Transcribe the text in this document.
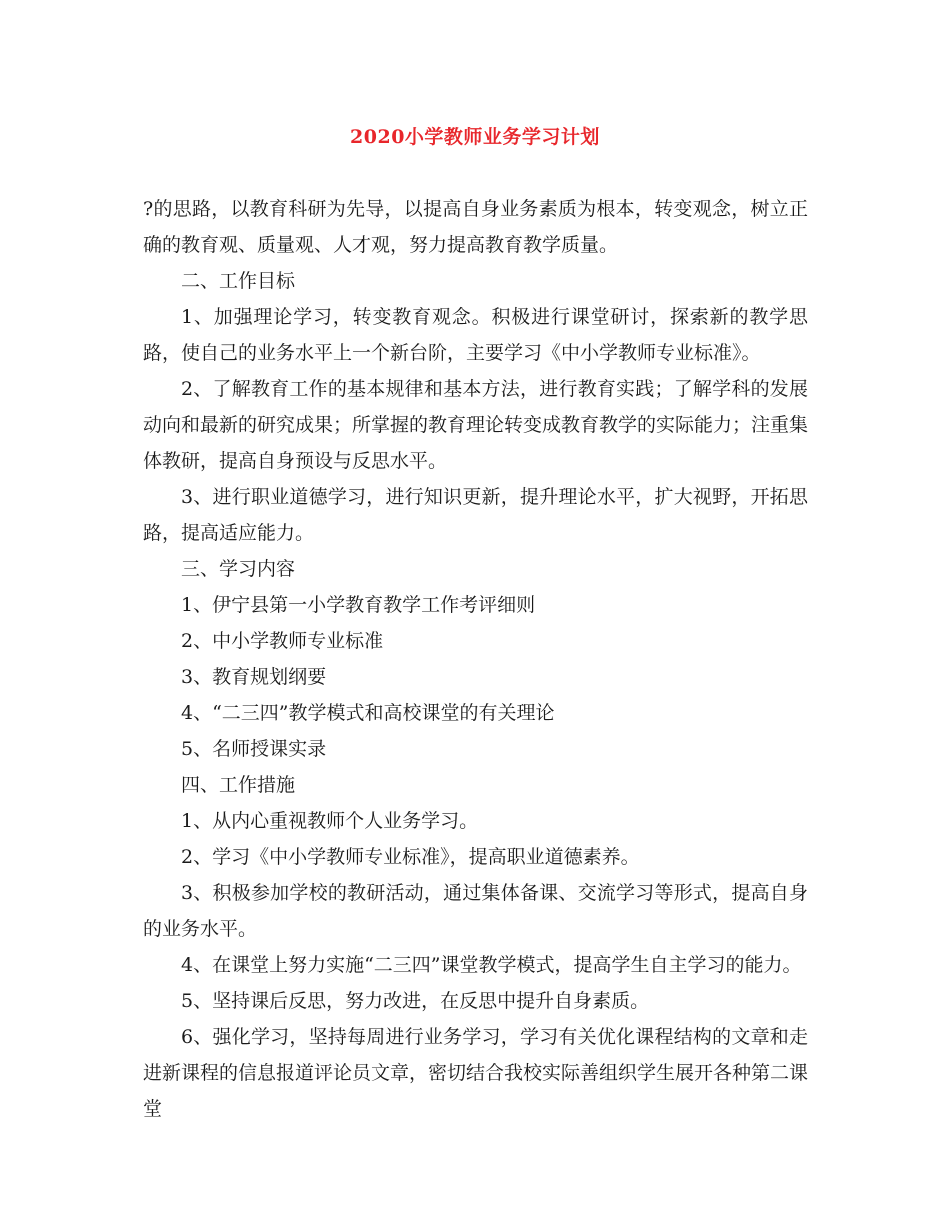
2020小学教师业务学习计划

?的思路，以教育科研为先导，以提高自身业务素质为根本，转变观念，树立正确的教育观、质量观、人才观，努力提高教育教学质量。

二、工作目标

1、加强理论学习，转变教育观念。积极进行课堂研讨，探索新的教学思路，使自己的业务水平上一个新台阶，主要学习《中小学教师专业标准》。

2、了解教育工作的基本规律和基本方法，进行教育实践；了解学科的发展动向和最新的研究成果；所掌握的教育理论转变成教育教学的实际能力；注重集体教研，提高自身预设与反思水平。

3、进行职业道德学习，进行知识更新，提升理论水平，扩大视野，开拓思路，提高适应能力。

三、学习内容

1、伊宁县第一小学教育教学工作考评细则

2、中小学教师专业标准

3、教育规划纲要

4、“二三四”教学模式和高校课堂的有关理论

5、名师授课实录

四、工作措施

1、从内心重视教师个人业务学习。

2、学习《中小学教师专业标准》，提高职业道德素养。

3、积极参加学校的教研活动，通过集体备课、交流学习等形式，提高自身的业务水平。

4、在课堂上努力实施“二三四”课堂教学模式，提高学生自主学习的能力。

5、坚持课后反思，努力改进，在反思中提升自身素质。

6、强化学习，坚持每周进行业务学习，学习有关优化课程结构的文章和走进新课程的信息报道评论员文章，密切结合我校实际善组织学生展开各种第二课堂
